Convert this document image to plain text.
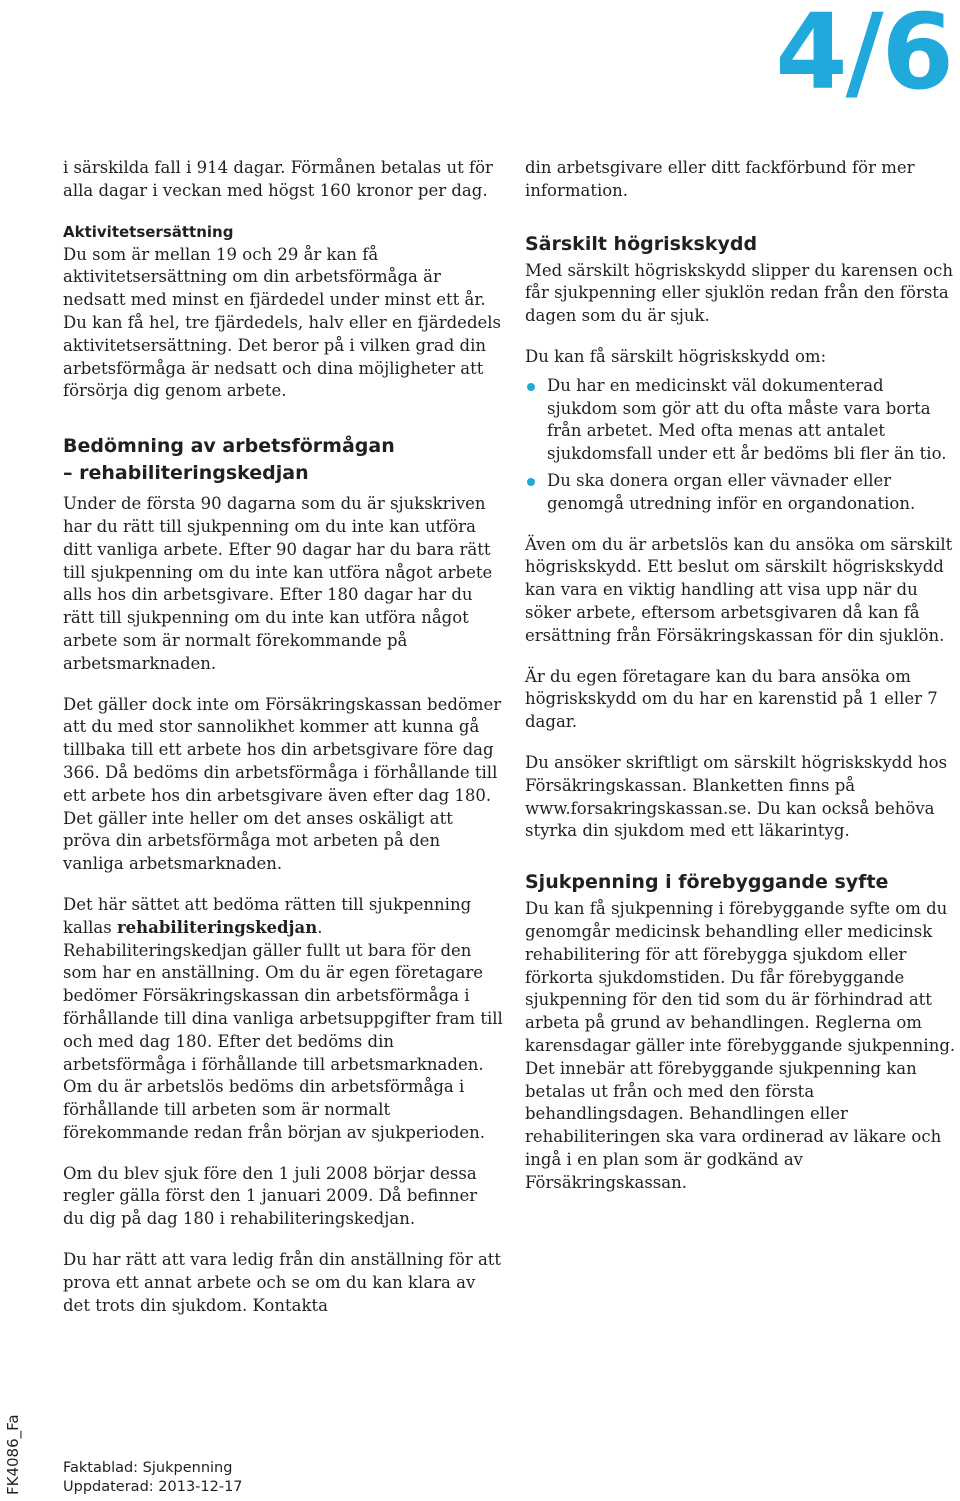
4/6

i särskilda fall i 914 dagar. Förmånen betalas ut för alla dagar i veckan med högst 160 kronor per dag.

Aktivitetsersättning

Du som är mellan 19 och 29 år kan få aktivitetsersättning om din arbetsförmåga är nedsatt med minst en fjärdedel under minst ett år. Du kan få hel, tre fjärdedels, halv eller en fjärdedels aktivitetsersättning. Det beror på i vilken grad din arbetsförmåga är nedsatt och dina möjligheter att försörja dig genom arbete.

Bedömning av arbetsförmågan
– rehabiliteringskedjan

Under de första 90 dagarna som du är sjukskriven har du rätt till sjukpenning om du inte kan utföra ditt vanliga arbete. Efter 90 dagar har du bara rätt till sjukpenning om du inte kan utföra något arbete alls hos din arbetsgivare. Efter 180 dagar har du rätt till sjukpenning om du inte kan utföra något arbete som är normalt förekommande på arbetsmarknaden.

Det gäller dock inte om Försäkringskassan bedömer att du med stor sannolikhet kommer att kunna gå tillbaka till ett arbete hos din arbetsgivare före dag 366. Då bedöms din arbetsförmåga i förhållande till ett arbete hos din arbetsgivare även efter dag 180. Det gäller inte heller om det anses oskäligt att pröva din arbetsförmåga mot arbeten på den vanliga arbetsmarknaden.

Det här sättet att bedöma rätten till sjukpenning kallas rehabiliteringskedjan. Rehabiliteringskedjan gäller fullt ut bara för den som har en anställning. Om du är egen företagare bedömer Försäkringskassan din arbetsförmåga i förhållande till dina vanliga arbetsuppgifter fram till och med dag 180. Efter det bedöms din arbetsförmåga i förhållande till arbetsmarknaden. Om du är arbetslös bedöms din arbetsförmåga i förhållande till arbeten som är normalt förekommande redan från början av sjukperioden.

Om du blev sjuk före den 1 juli 2008 börjar dessa regler gälla först den 1 januari 2009. Då befinner du dig på dag 180 i rehabiliteringskedjan.

Du har rätt att vara ledig från din anställning för att prova ett annat arbete och se om du kan klara av det trots din sjukdom. Kontakta

din arbetsgivare eller ditt fackförbund för mer information.

Särskilt högriskskydd

Med särskilt högriskskydd slipper du karensen och får sjukpenning eller sjuklön redan från den första dagen som du är sjuk.

Du kan få särskilt högriskskydd om:

Du har en medicinskt väl dokumenterad sjukdom som gör att du ofta måste vara borta från arbetet. Med ofta menas att antalet sjukdomsfall under ett år bedöms bli fler än tio.
Du ska donera organ eller vävnader eller genomgå utredning inför en organdonation.

Även om du är arbetslös kan du ansöka om särskilt högriskskydd. Ett beslut om särskilt högriskskydd kan vara en viktig handling att visa upp när du söker arbete, eftersom arbetsgivaren då kan få ersättning från Försäkringskassan för din sjuklön.

Är du egen företagare kan du bara ansöka om högriskskydd om du har en karenstid på 1 eller 7 dagar.

Du ansöker skriftligt om särskilt högriskskydd hos Försäkringskassan. Blanketten finns på www.forsakringskassan.se. Du kan också behöva styrka din sjukdom med ett läkarintyg.

Sjukpenning i förebyggande syfte

Du kan få sjukpenning i förebyggande syfte om du genomgår medicinsk behandling eller medicinsk rehabilitering för att förebygga sjukdom eller förkorta sjukdomstiden. Du får förebyggande sjukpenning för den tid som du är förhindrad att arbeta på grund av behandlingen. Reglerna om karensdagar gäller inte förebyggande sjukpenning. Det innebär att förebyggande sjukpenning kan betalas ut från och med den första behandlingsdagen. Behandlingen eller rehabiliteringen ska vara ordinerad av läkare och ingå i en plan som är godkänd av Försäkringskassan.

FK4086_Fa	Faktablad: Sjukpenning
Uppdaterad: 2013-12-17
